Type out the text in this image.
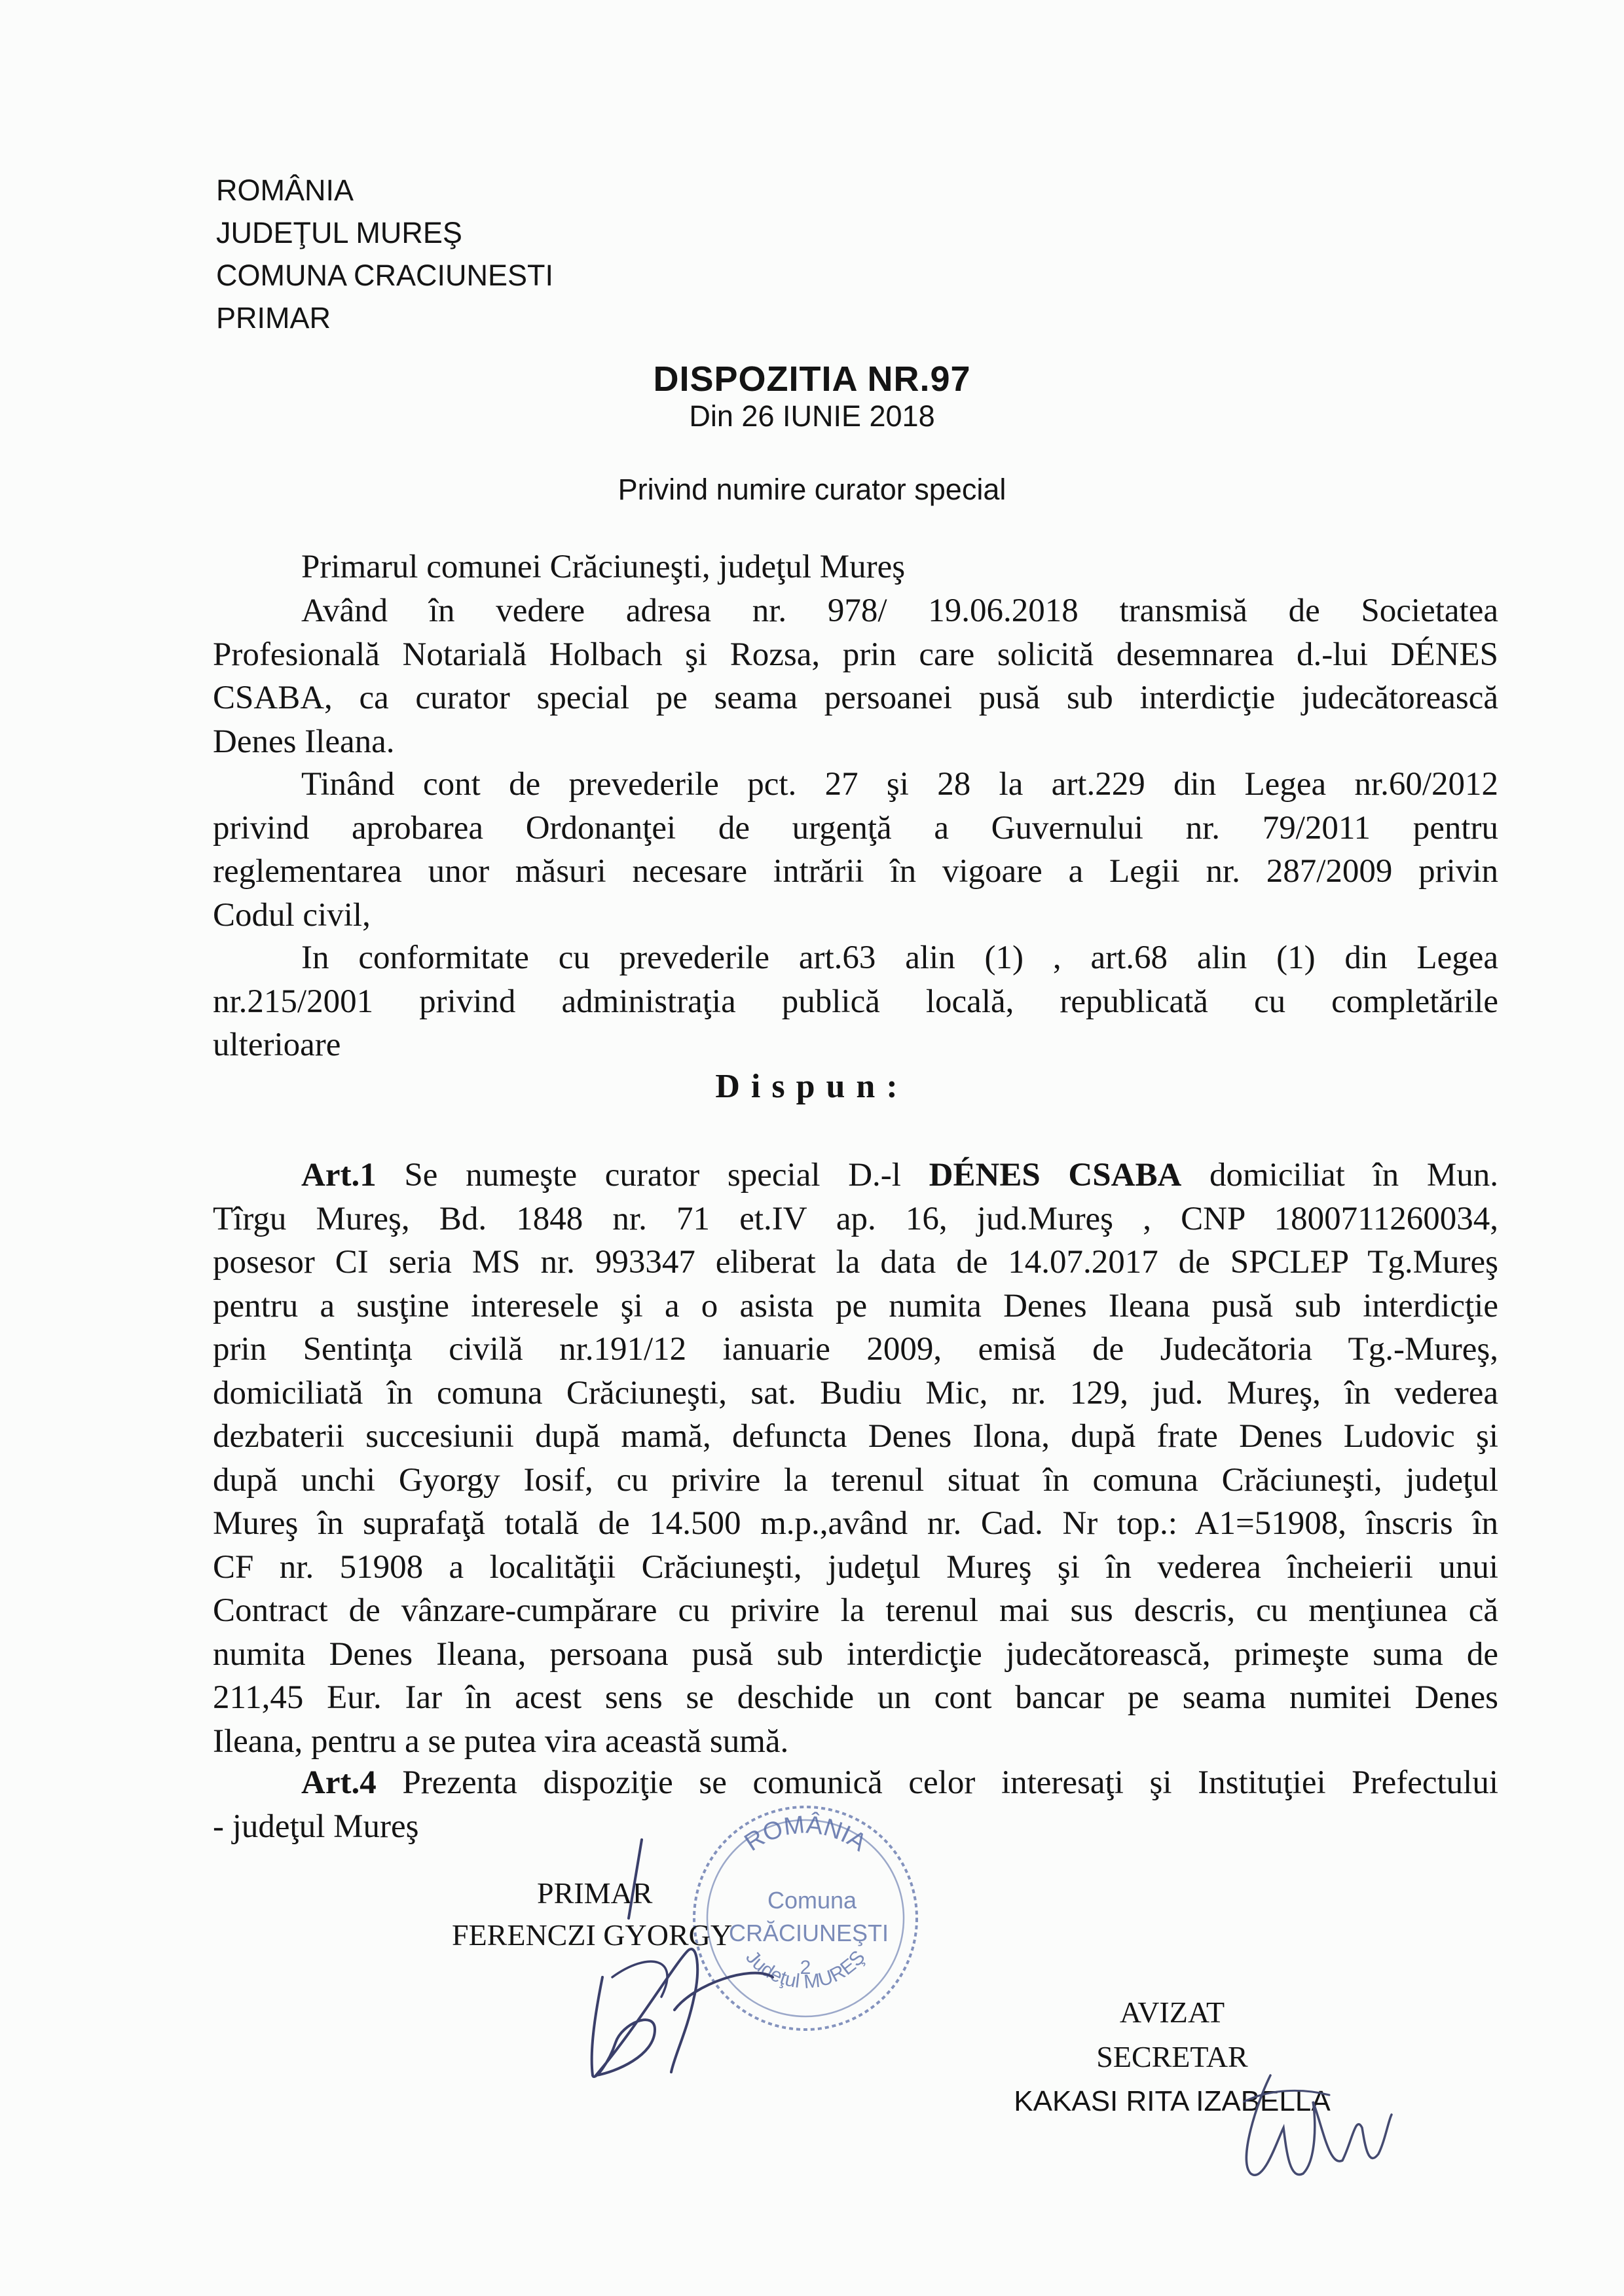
ROMÂNIA
JUDEŢUL MUREŞ
COMUNA CRACIUNESTI
PRIMAR
DISPOZITIA NR.97
Din 26 IUNIE 2018
Privind numire curator special
Primarul comunei Crăciuneşti, judeţul Mureş
Având în vedere adresa nr. 978/ 19.06.2018 transmisă de Societatea
Profesională Notarială Holbach şi Rozsa, prin care solicită desemnarea d.-lui DÉNES
CSABA, ca curator special pe seama persoanei pusă sub interdicţie judecătorească
Denes Ileana.
Tinând cont de prevederile pct. 27 şi 28 la art.229 din Legea nr.60/2012
privind aprobarea Ordonanţei de urgenţă a Guvernului nr. 79/2011 pentru
reglementarea unor măsuri necesare intrării în vigoare a Legii nr. 287/2009 privin
Codul civil,
In conformitate cu prevederile art.63 alin (1) , art.68 alin (1) din Legea
nr.215/2001 privind administraţia publică locală, republicată cu completările
ulterioare
Dispun:
Art.1 Se numeşte curator special D.-l DÉNES CSABA domiciliat în Mun.
Tîrgu Mureş, Bd. 1848 nr. 71 et.IV ap. 16, jud.Mureş , CNP 1800711260034,
posesor CI seria MS nr. 993347 eliberat la data de 14.07.2017 de SPCLEP Tg.Mureş
pentru a susţine interesele şi a o asista pe numita Denes Ileana pusă sub interdicţie
prin Sentinţa civilă nr.191/12 ianuarie 2009, emisă de Judecătoria Tg.-Mureş,
domiciliată în comuna Crăciuneşti, sat. Budiu Mic, nr. 129, jud. Mureş, în vederea
dezbaterii succesiunii după mamă, defuncta Denes Ilona, după frate Denes Ludovic şi
după unchi Gyorgy Iosif, cu privire la terenul situat în comuna Crăciuneşti, judeţul
Mureş în suprafaţă totală de 14.500 m.p.,având nr. Cad. Nr top.: A1=51908, înscris în
CF nr. 51908 a localităţii Crăciuneşti, judeţul Mureş şi în vederea încheierii unui
Contract de vânzare-cumpărare cu privire la terenul mai sus descris, cu menţiunea că
numita Denes Ileana, persoana pusă sub interdicţie judecătorească, primeşte suma de
211,45 Eur. Iar în acest sens se deschide un cont bancar pe seama numitei Denes
Ileana, pentru a se putea vira această sumă.
Art.4 Prezenta dispoziţie se comunică celor interesaţi şi Instituţiei Prefectului
- judeţul Mureş	ROMÂNIA
Comuna
CRĂCIUNEŞTI
2
Judeţul MUREŞ
PRIMAR
FERENCZI GYORGY
AVIZAT
SECRETAR
KAKASI RITA IZABELLA
